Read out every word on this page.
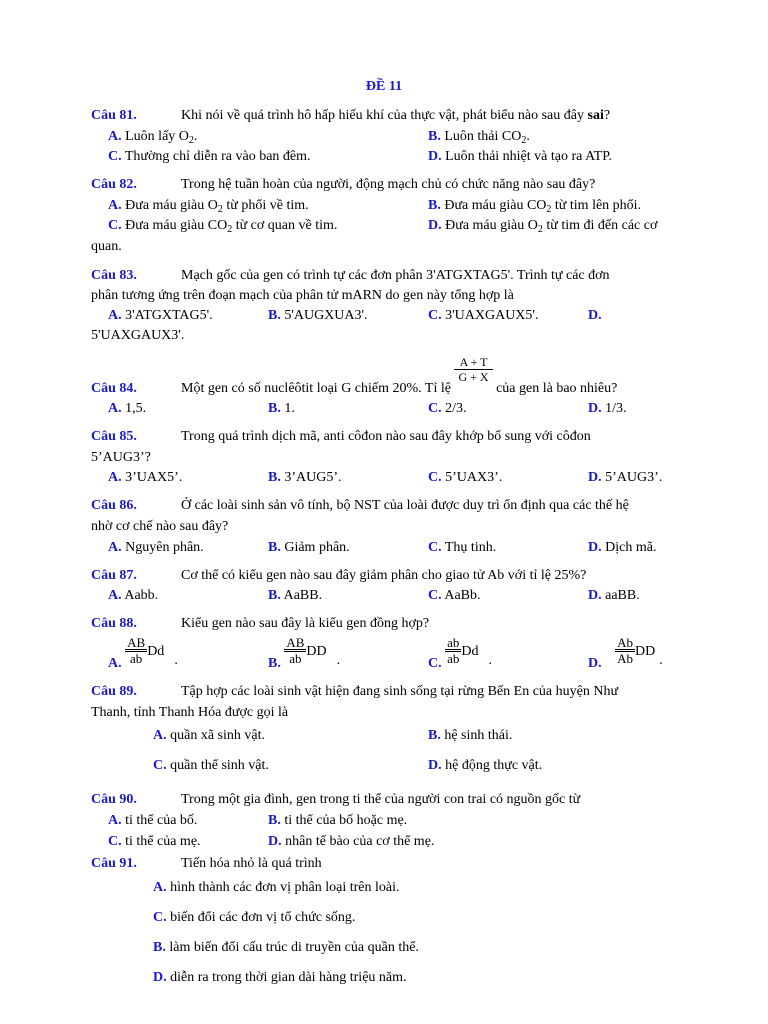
ĐỀ 11
Câu 81.	Khi nói về quá trình hô hấp hiếu khí của thực vật, phát biểu nào sau đây sai?
A. Luôn lấy $O_2$.	B. Luôn thải $CO_2$.
C. Thường chỉ diễn ra vào ban đêm.	D. Luôn thải nhiệt và tạo ra ATP.
Câu 82.	Trong hệ tuần hoàn của người, động mạch chủ có chức năng nào sau đây?
A. Đưa máu giàu $O_2$ từ phổi về tim.	B. Đưa máu giàu $CO_2$ từ tim lên phổi.
C. Đưa máu giàu $CO_2$ từ cơ quan về tim.	D. Đưa máu giàu $O_2$ từ tim đi đến các cơ
quan.
Câu 83.	Mạch gốc của gen có trình tự các đơn phân 3'ATGXTAG5'. Trình tự các đơn
phân tương ứng trên đoạn mạch của phân tử mARN do gen này tổng hợp là
A. 3'ATGXTAG5'.	B. 5'AUGXUA3'.	C. 3'UAXGAUX5'.	D.
5'UAXGAUX3'.
Câu 84.	Một gen có số nuclêôtit loại G chiếm 20%. Tỉ lệ
$\frac{A + T}{G + X}$
của gen là bao nhiêu?
A. 1,5.	B. 1.	C. 2/3.	D. 1/3.
Câu 85.	Trong quá trình dịch mã, anti côđon nào sau đây khớp bổ sung với côđon
5’AUG3’?
A. 3’UAX5’.	B. 3’AUG5’.	C. 5’UAX3’.	D. 5’AUG3’.
Câu 86.	Ở các loài sinh sản vô tính, bộ NST của loài được duy trì ổn định qua các thế hệ
nhờ cơ chế nào sau đây?
A. Nguyên phân.	B. Giảm phân.	C. Thụ tinh.	D. Dịch mã.
Câu 87.	Cơ thể có kiểu gen nào sau đây giảm phân cho giao tử Ab với tỉ lệ 25%?
A. Aabb.	B. AaBB.	C. AaBb.	D. aaBB.
Câu 88.	Kiểu gen nào sau đây là kiểu gen đồng hợp?
A. $\frac{AB}{ab} Dd$.	B. $\frac{AB}{ab}$ DD.	C. $\frac{ab}{ab} Dd$.	D. $\frac{Ab}{Ab}$ DD.
Câu 89.	Tập hợp các loài sinh vật hiện đang sinh sống tại rừng Bến En của huyện Như
Thanh, tỉnh Thanh Hóa được gọi là
A. quần xã sinh vật.	B. hệ sinh thái.
C. quần thể sinh vật.	D. hệ động thực vật.
Câu 90.	Trong một gia đình, gen trong ti thể của người con trai có nguồn gốc từ
A. ti thể của bố.	B. ti thể của bố hoặc mẹ.
C. ti thể của mẹ.	D. nhân tế bào của cơ thể mẹ.
Câu 91.	Tiến hóa nhỏ là quá trình
A. hình thành các đơn vị phân loại trên loài.
C. biến đổi các đơn vị tổ chức sống.
B. làm biến đổi cấu trúc di truyền của quần thể.
D. diễn ra trong thời gian dài hàng triệu năm.
